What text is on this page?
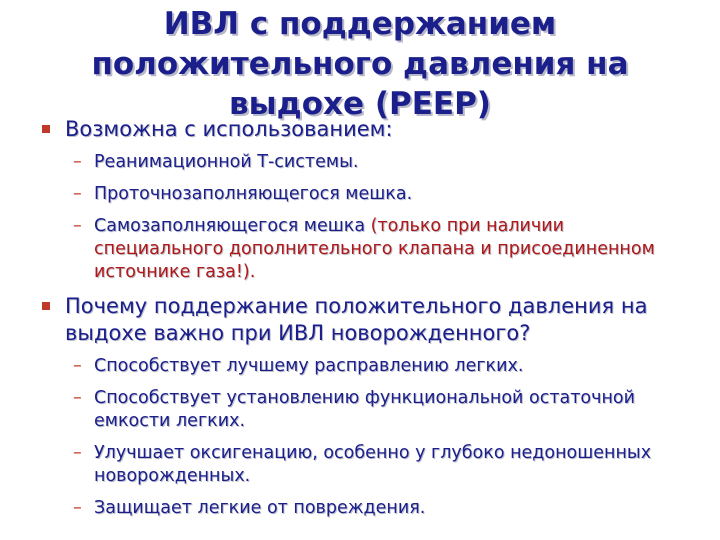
ИВЛ с поддержанием положительного давления на выдохе (PEEP)
Возможна с использованием:
– Реанимационной Т-системы.
– Проточнозаполняющегося мешка.
– Самозаполняющегося мешка (только при наличии специального дополнительного клапана и присоединенном источнике газа!).
Почему поддержание положительного давления на выдохе важно при ИВЛ новорожденного?
– Способствует лучшему расправлению легких.
– Способствует установлению функциональной остаточной емкости легких.
– Улучшает оксигенацию, особенно у глубоко недоношенных новорожденных.
– Защищает легкие от повреждения.
